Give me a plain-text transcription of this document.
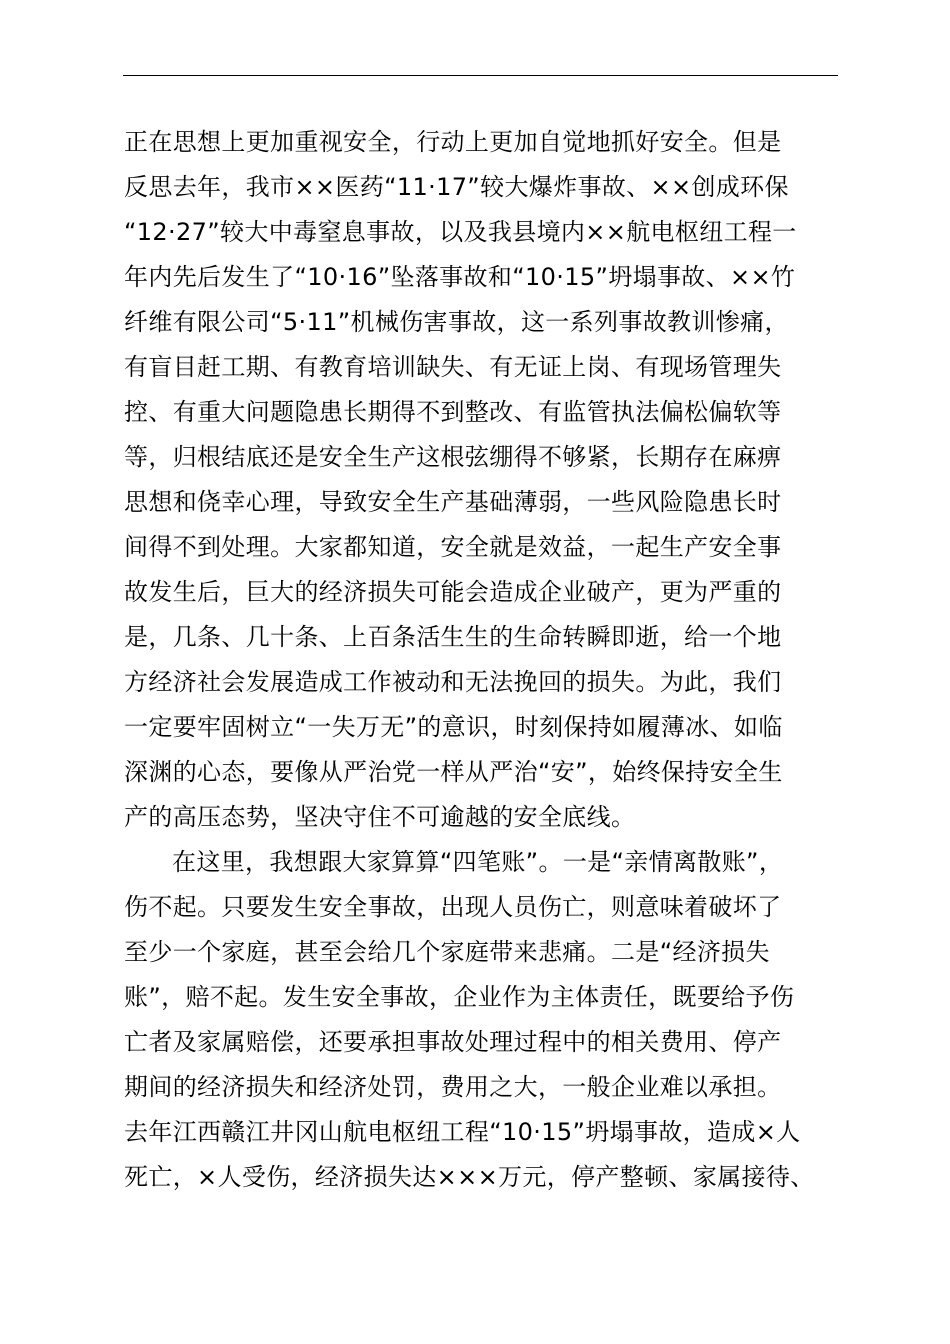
正在思想上更加重视安全，行动上更加自觉地抓好安全。但是
反思去年，我市××医药“11·17”较大爆炸事故、××创成环保
“12·27”较大中毒窒息事故，以及我县境内××航电枢纽工程一
年内先后发生了“10·16”坠落事故和“10·15”坍塌事故、××竹
纤维有限公司“5·11”机械伤害事故，这一系列事故教训惨痛，
有盲目赶工期、有教育培训缺失、有无证上岗、有现场管理失
控、有重大问题隐患长期得不到整改、有监管执法偏松偏软等
等，归根结底还是安全生产这根弦绷得不够紧，长期存在麻痹
思想和侥幸心理，导致安全生产基础薄弱，一些风险隐患长时
间得不到处理。大家都知道，安全就是效益，一起生产安全事
故发生后，巨大的经济损失可能会造成企业破产，更为严重的
是，几条、几十条、上百条活生生的生命转瞬即逝，给一个地
方经济社会发展造成工作被动和无法挽回的损失。为此，我们
一定要牢固树立“一失万无”的意识，时刻保持如履薄冰、如临
深渊的心态，要像从严治党一样从严治“安”，始终保持安全生
产的高压态势，坚决守住不可逾越的安全底线。
在这里，我想跟大家算算“四笔账”。一是“亲情离散账”，
伤不起。只要发生安全事故，出现人员伤亡，则意味着破坏了
至少一个家庭，甚至会给几个家庭带来悲痛。二是“经济损失
账”，赔不起。发生安全事故，企业作为主体责任，既要给予伤
亡者及家属赔偿，还要承担事故处理过程中的相关费用、停产
期间的经济损失和经济处罚，费用之大，一般企业难以承担。
去年江西赣江井冈山航电枢纽工程“10·15”坍塌事故，造成×人
死亡，×人受伤，经济损失达×××万元，停产整顿、家属接待、
